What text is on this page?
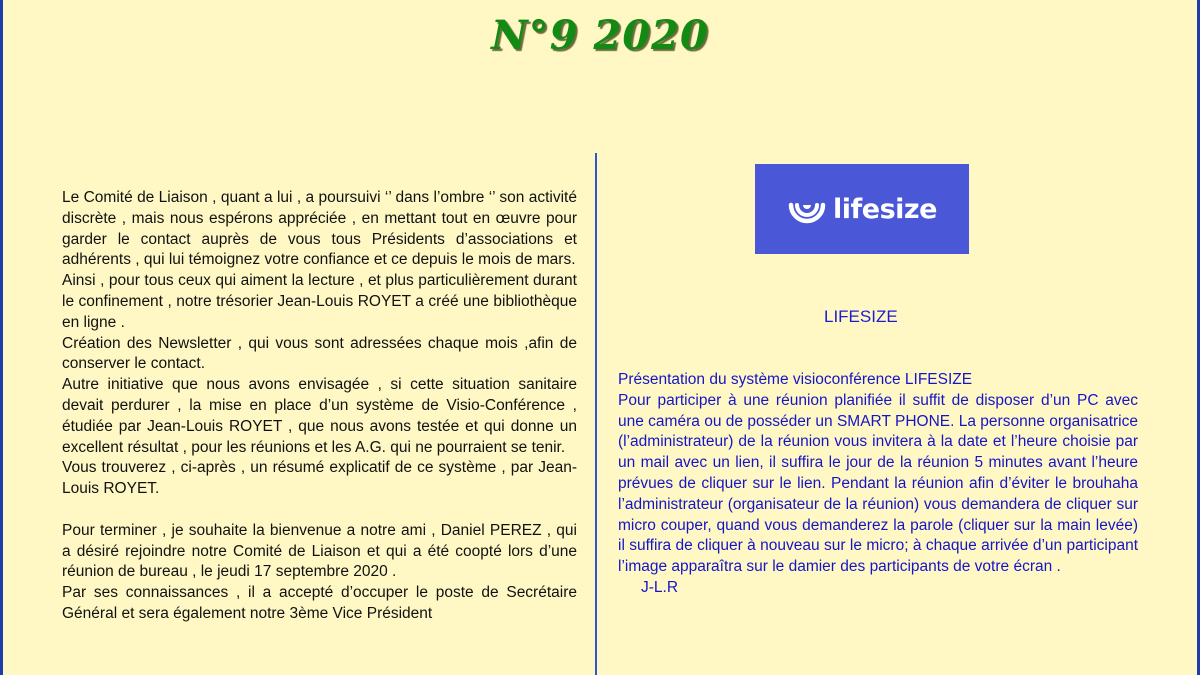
N°9 2020

Le Comité de Liaison , quant a lui , a poursuivi ‘’ dans l’ombre ‘’ son activité discrète , mais nous espérons appréciée , en mettant tout en œuvre pour garder le contact auprès de vous tous Présidents d’associations et adhérents , qui lui témoignez votre confiance et ce depuis le mois de mars.

Ainsi , pour tous ceux qui aiment la lecture , et plus particulièrement durant le confinement , notre trésorier Jean-Louis ROYET a créé une bibliothèque en ligne .

Création des Newsletter , qui vous sont adressées chaque mois ,afin de conserver le contact.

Autre initiative que nous avons envisagée , si cette situation sanitaire devait perdurer , la mise en place d’un système de Visio-Conférence , étudiée par Jean-Louis ROYET , que nous avons testée et qui donne un excellent résultat , pour les réunions et les A.G. qui ne pourraient se tenir.

Vous trouverez , ci-après , un résumé explicatif de ce système , par Jean-Louis ROYET.

Pour terminer , je souhaite la bienvenue a notre ami , Daniel PEREZ , qui a désiré rejoindre notre Comité de Liaison et qui a été coopté lors d’une réunion de bureau , le jeudi 17 septembre 2020 .

Par ses connaissances , il a accepté d’occuper le poste de Secrétaire Général et sera également notre 3ème Vice Président

lifesize
LIFESIZE

Présentation du système visioconférence LIFESIZE

Pour participer à une réunion planifiée il suffit de disposer d’un PC avec une caméra ou de posséder un SMART PHONE. La personne organisatrice (l’administrateur) de la réunion vous invitera à la date et l’heure choisie par un mail avec un lien, il suffira le jour de la réunion 5 minutes avant l’heure prévues de cliquer sur le lien. Pendant la réunion afin d’éviter le brouhaha l’administrateur (organisateur de la réunion) vous demandera de cliquer sur micro couper, quand vous demanderez la parole (cliquer sur la main levée) il suffira de cliquer à nouveau sur le micro; à chaque arrivée d’un participant l’image apparaîtra sur le damier des participants de votre écran .

J-L.R
